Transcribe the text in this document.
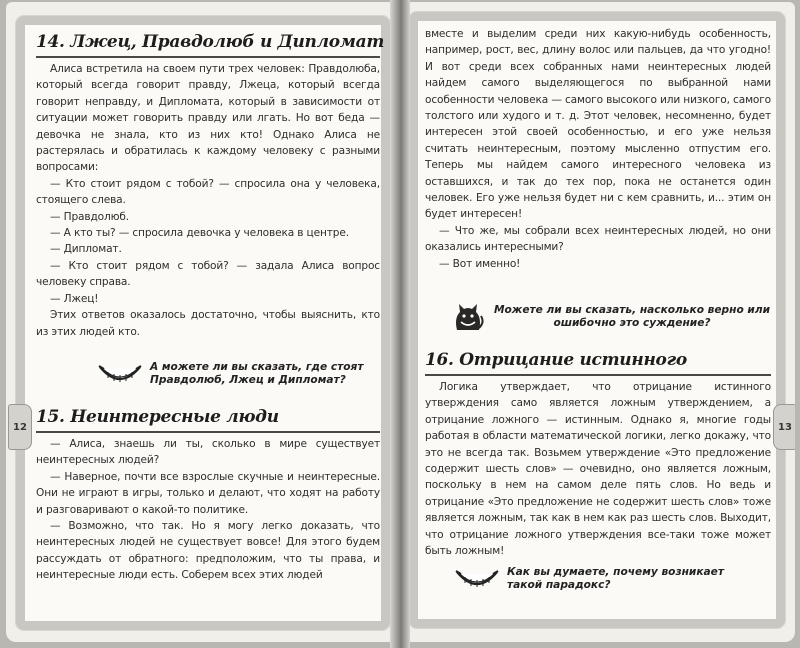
14. Лжец, Правдолюб и Дипломат

Алиса встретила на своем пути трех человек: Правдолюба, который всегда говорит правду, Лжеца, который всегда говорит неправду, и Дипломата, который в зависимости от ситуации может говорить правду или лгать. Но вот беда — девочка не знала, кто из них кто! Однако Алиса не растерялась и обратилась к каждому человеку с разными вопросами:

— Кто стоит рядом с тобой? — спросила она у человека, стоящего слева.

— Правдолюб.

— А кто ты? — спросила девочка у человека в центре.

— Дипломат.

— Кто стоит рядом с тобой? — задала Алиса вопрос человеку справа.

— Лжец!

Этих ответов оказалось достаточно, чтобы выяснить, кто из этих людей кто.

А можете ли вы сказать, где стоят Правдолюб, Лжец и Дипломат?
15. Неинтересные люди

— Алиса, знаешь ли ты, сколько в мире существует неинтересных людей?

— Наверное, почти все взрослые скучные и неинтересные. Они не играют в игры, только и делают, что ходят на работу и разговаривают о какой-то политике.

— Возможно, что так. Но я могу легко доказать, что неинтересных людей не существует вовсе! Для этого будем рассуждать от обратного: предположим, что ты права, и неинтересные люди есть. Соберем всех этих людей

12

вместе и выделим среди них какую-нибудь особенность, например, рост, вес, длину волос или пальцев, да что угодно! И вот среди всех собранных нами неинтересных людей найдем самого выделяющегося по выбранной нами особенности человека — самого высокого или низкого, самого толстого или худого и т. д. Этот человек, несомненно, будет интересен этой своей особенностью, и его уже нельзя считать неинтересным, поэтому мысленно отпустим его. Теперь мы найдем самого интересного человека из оставшихся, и так до тех пор, пока не останется один человек. Его уже нельзя будет ни с кем сравнить, и... этим он будет интересен!

— Что же, мы собрали всех неинтересных людей, но они оказались интересными?

— Вот именно!

Можете ли вы сказать, насколько верно или ошибочно это суждение?
16. Отрицание истинного

Логика утверждает, что отрицание истинного утверждения само является ложным утверждением, а отрицание ложного — истинным. Однако я, многие годы работая в области математической логики, легко докажу, что это не всегда так. Возьмем утверждение «Это предложение содержит шесть слов» — очевидно, оно является ложным, поскольку в нем на самом деле пять слов. Но ведь и отрицание «Это предложение не содержит шесть слов» тоже является ложным, так как в нем как раз шесть слов. Выходит, что отрицание ложного утверждения все-таки тоже может быть ложным!

Как вы думаете, почему возникает такой парадокс?
13
